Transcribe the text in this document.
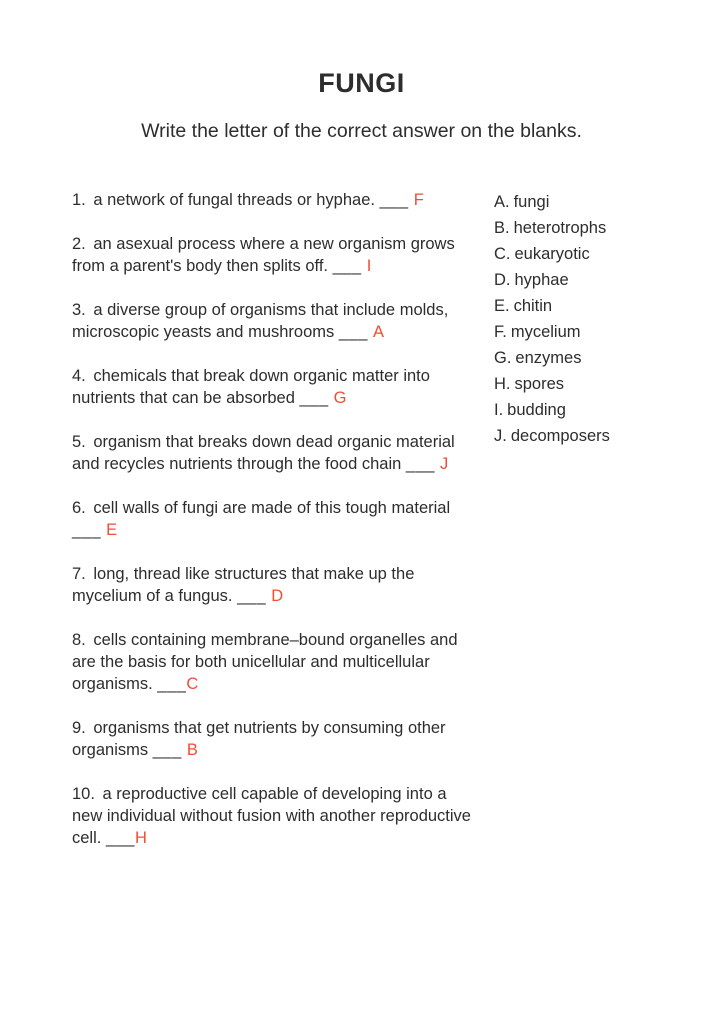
FUNGI

Write the letter of the correct answer on the blanks.

1. a network of fungal threads or hyphae. ___ F

2. an asexual process where a new organism grows from a parent's body then splits off. ___ I

3. a diverse group of organisms that include molds, microscopic yeasts and mushrooms ___ A

4. chemicals that break down organic matter into nutrients that can be absorbed ___ G

5. organism that breaks down dead organic material and recycles nutrients through the food chain ___ J

6. cell walls of fungi are made of this tough material ___ E

7. long, thread like structures that make up the mycelium of a fungus. ___ D

8. cells containing membrane–bound organelles and are the basis for both unicellular and multicellular organisms. ___C

9. organisms that get nutrients by consuming other organisms ___ B

10. a reproductive cell capable of developing into a new individual without fusion with another reproductive cell. ___H

A. fungi

B. heterotrophs

C. eukaryotic

D. hyphae

E. chitin

F. mycelium

G. enzymes

H. spores

I. budding

J. decomposers
